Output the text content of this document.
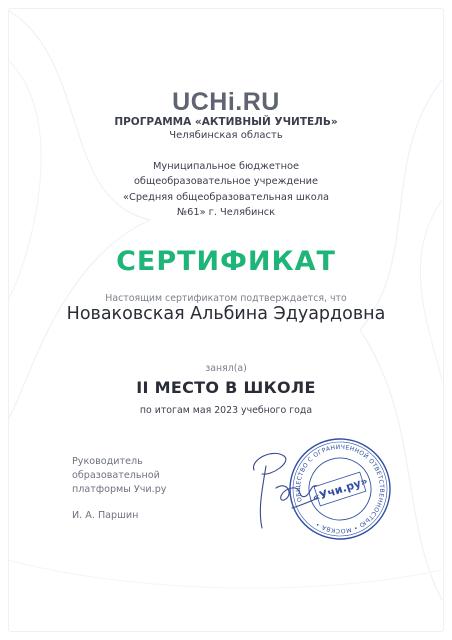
UCHi.RU
ПРОГРАММА «АКТИВНЫЙ УЧИТЕЛЬ»
Челябинская область
Муниципальное бюджетное
общеобразовательное учреждение
«Средняя общеобразовательная школа
№61» г. Челябинск
СЕРТИФИКАТ
Настоящим сертификатом подтверждается, что
Новаковская Альбина Эдуардовна
занял(а)
II МЕСТО В ШКОЛЕ
по итогам мая 2023 учебного года
Руководитель
образовательной
платформы Учи.ру
И. А. Паршин
ОБЩЕСТВО С ОГРАНИЧЕННОЙ ОТВЕТСТВЕННОСТЬЮ • МОСКВА •
«Учи.ру»
